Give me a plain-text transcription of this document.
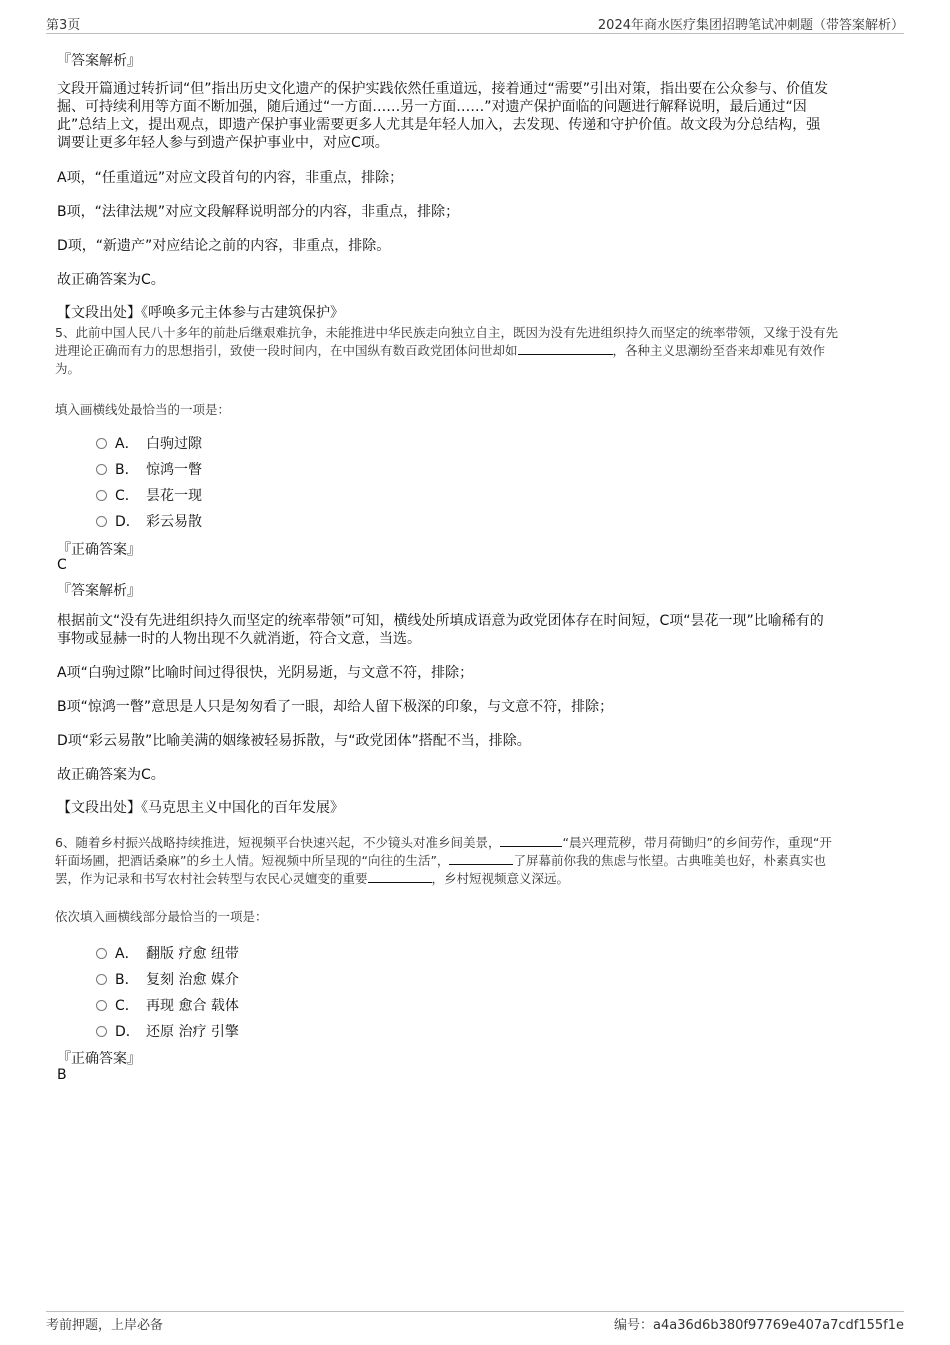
第3页	2024年商水医疗集团招聘笔试冲刺题（带答案解析）
『答案解析』
文段开篇通过转折词“但”指出历史文化遗产的保护实践依然任重道远，接着通过“需要”引出对策，指出要在公众参与、价值发
掘、可持续利用等方面不断加强，随后通过“一方面……另一方面……”对遗产保护面临的问题进行解释说明，最后通过“因
此”总结上文，提出观点，即遗产保护事业需要更多人尤其是年轻人加入，去发现、传递和守护价值。故文段为分总结构，强
调要让更多年轻人参与到遗产保护事业中，对应C项。
A项，“任重道远”对应文段首句的内容，非重点，排除；
B项，“法律法规”对应文段解释说明部分的内容，非重点，排除；
D项，“新遗产”对应结论之前的内容，非重点，排除。
故正确答案为C。
【文段出处】《呼唤多元主体参与古建筑保护》
5、此前中国人民八十多年的前赴后继艰难抗争，未能推进中华民族走向独立自主，既因为没有先进组织持久而坚定的统率带领，又缘于没有先
进理论正确而有力的思想指引，致使一段时间内，在中国纵有数百政党团体问世却如	，各种主义思潮纷至沓来却难见有效作
为。
填入画横线处最恰当的一项是：
A． 白驹过隙
B． 惊鸿一瞥
C． 昙花一现
D． 彩云易散
『正确答案』
C
『答案解析』
根据前文“没有先进组织持久而坚定的统率带领”可知，横线处所填成语意为政党团体存在时间短，C项“昙花一现”比喻稀有的
事物或显赫一时的人物出现不久就消逝，符合文意，当选。
A项“白驹过隙”比喻时间过得很快，光阴易逝，与文意不符，排除；
B项“惊鸿一瞥”意思是人只是匆匆看了一眼，却给人留下极深的印象，与文意不符，排除；
D项“彩云易散”比喻美满的姻缘被轻易拆散，与“政党团体”搭配不当，排除。
故正确答案为C。
【文段出处】《马克思主义中国化的百年发展》
6、随着乡村振兴战略持续推进，短视频平台快速兴起，不少镜头对准乡间美景，	“晨兴理荒秽，带月荷锄归”的乡间劳作，重现“开
轩面场圃，把酒话桑麻”的乡土人情。短视频中所呈现的“向往的生活”，	了屏幕前你我的焦虑与怅望。古典唯美也好，朴素真实也
罢，作为记录和书写农村社会转型与农民心灵嬗变的重要	，乡村短视频意义深远。
依次填入画横线部分最恰当的一项是：
A． 翻版 疗愈 纽带
B． 复刻 治愈 媒介
C． 再现 愈合 载体
D． 还原 治疗 引擎
『正确答案』
B
考前押题，上岸必备	编号：a4a36d6b380f97769e407a7cdf155f1e
